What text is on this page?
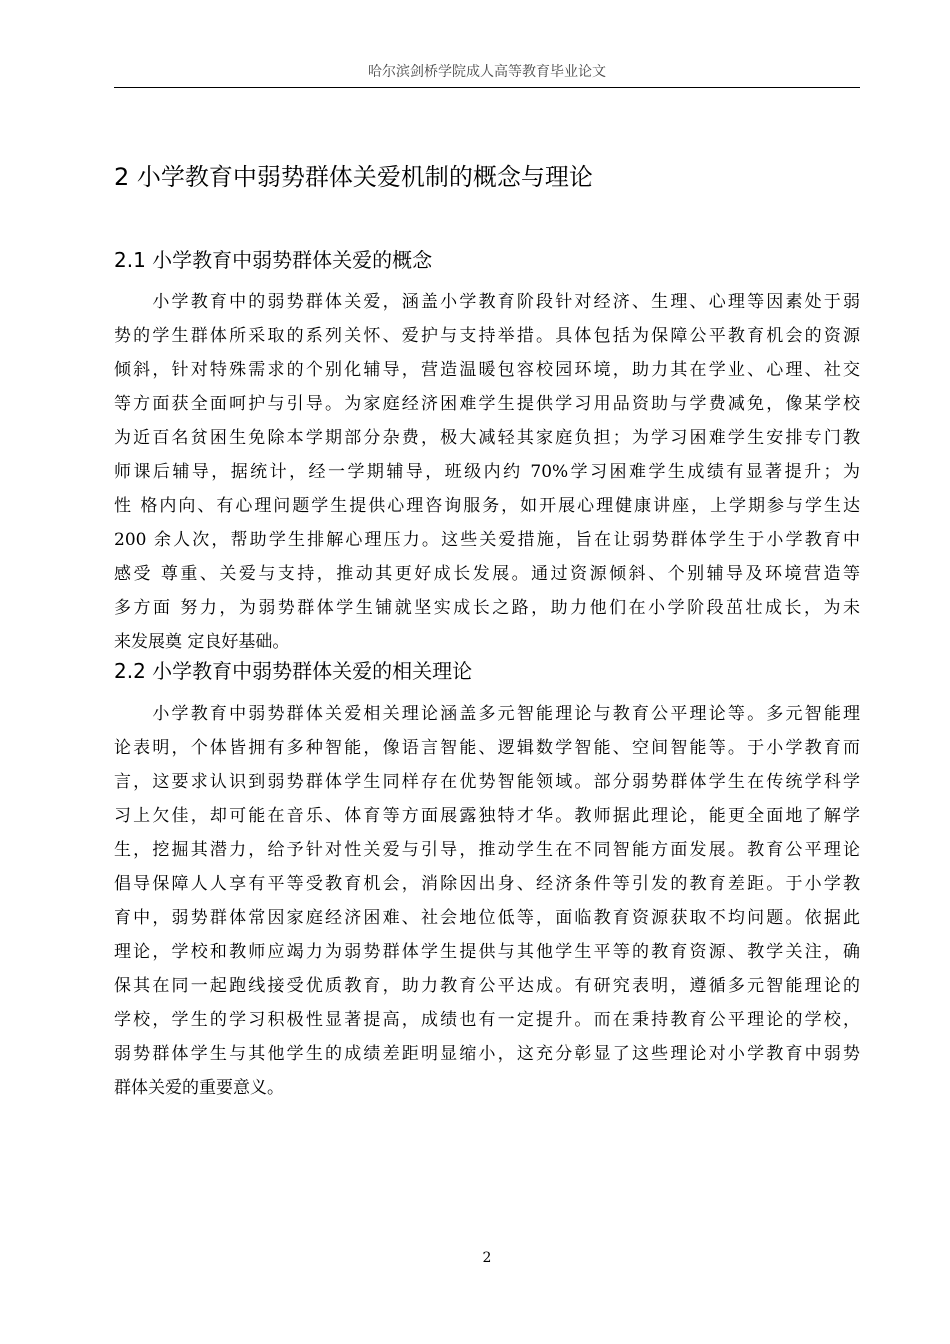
哈尔滨剑桥学院成人高等教育毕业论文
2 小学教育中弱势群体关爱机制的概念与理论
2.1 小学教育中弱势群体关爱的概念
　　小学教育中的弱势群体关爱，涵盖小学教育阶段针对经济、生理、心理等因素处于弱
势的学生群体所采取的系列关怀、爱护与支持举措。具体包括为保障公平教育机会的资源
倾斜，针对特殊需求的个别化辅导，营造温暖包容校园环境，助力其在学业、心理、社交
等方面获全面呵护与引导。为家庭经济困难学生提供学习用品资助与学费减免，像某学校
为近百名贫困生免除本学期部分杂费，极大减轻其家庭负担；为学习困难学生安排专门教
师课后辅导，据统计，经一学期辅导，班级内约 70%学习困难学生成绩有显著提升；为
性 格内向、有心理问题学生提供心理咨询服务，如开展心理健康讲座，上学期参与学生达
200 余人次，帮助学生排解心理压力。这些关爱措施，旨在让弱势群体学生于小学教育中
感受 尊重、关爱与支持，推动其更好成长发展。通过资源倾斜、个别辅导及环境营造等
多方面 努力，为弱势群体学生铺就坚实成长之路，助力他们在小学阶段茁壮成长，为未
来发展奠 定良好基础。
2.2 小学教育中弱势群体关爱的相关理论
　　小学教育中弱势群体关爱相关理论涵盖多元智能理论与教育公平理论等。多元智能理
论表明，个体皆拥有多种智能，像语言智能、逻辑数学智能、空间智能等。于小学教育而
言，这要求认识到弱势群体学生同样存在优势智能领域。部分弱势群体学生在传统学科学
习上欠佳，却可能在音乐、体育等方面展露独特才华。教师据此理论，能更全面地了解学
生，挖掘其潜力，给予针对性关爱与引导，推动学生在不同智能方面发展。教育公平理论
倡导保障人人享有平等受教育机会，消除因出身、经济条件等引发的教育差距。于小学教
育中，弱势群体常因家庭经济困难、社会地位低等，面临教育资源获取不均问题。依据此
理论，学校和教师应竭力为弱势群体学生提供与其他学生平等的教育资源、教学关注，确
保其在同一起跑线接受优质教育，助力教育公平达成。有研究表明，遵循多元智能理论的
学校，学生的学习积极性显著提高，成绩也有一定提升。而在秉持教育公平理论的学校，
弱势群体学生与其他学生的成绩差距明显缩小，这充分彰显了这些理论对小学教育中弱势
群体关爱的重要意义。
2
